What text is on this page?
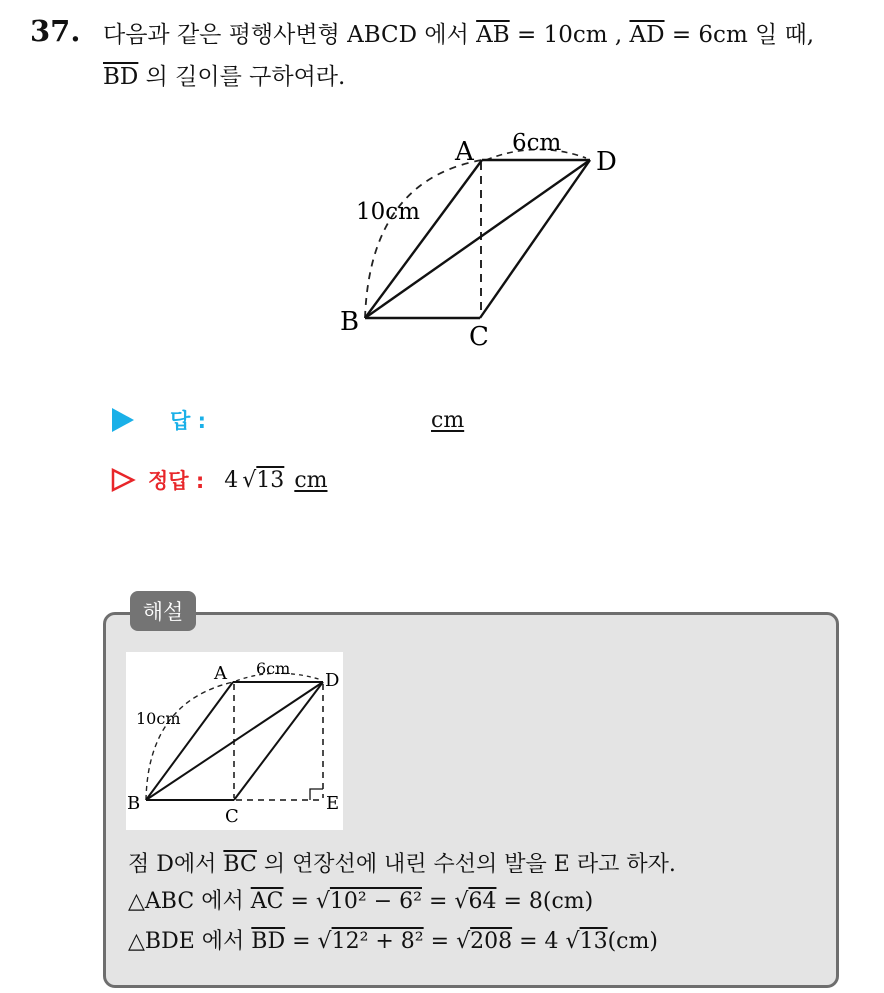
37. 다음과 같은 평행사변형 ABCD 에서 $\overline{AB} = 10cm$ , $\overline{AD} = 6cm$ 일 때,
$\overline{BD}$ 의 길이를 구하여라.
A	D
B	C
6cm
10cm
답 :	cm
정답 : 4 √ 13 cm
해설
A	D
B
C
E
6cm
10cm
점 D에서 $\overline{BC}$ 의 연장선에 내린 수선의 발을 E 라고 하자.
△ABC 에서 $\overline{AC} = √10^2 - 6^2 = √64 = 8(cm)$
△BDE 에서 $\overline{BD} = √12^2 + 8^2 = √208 = 4$ √13(cm)
